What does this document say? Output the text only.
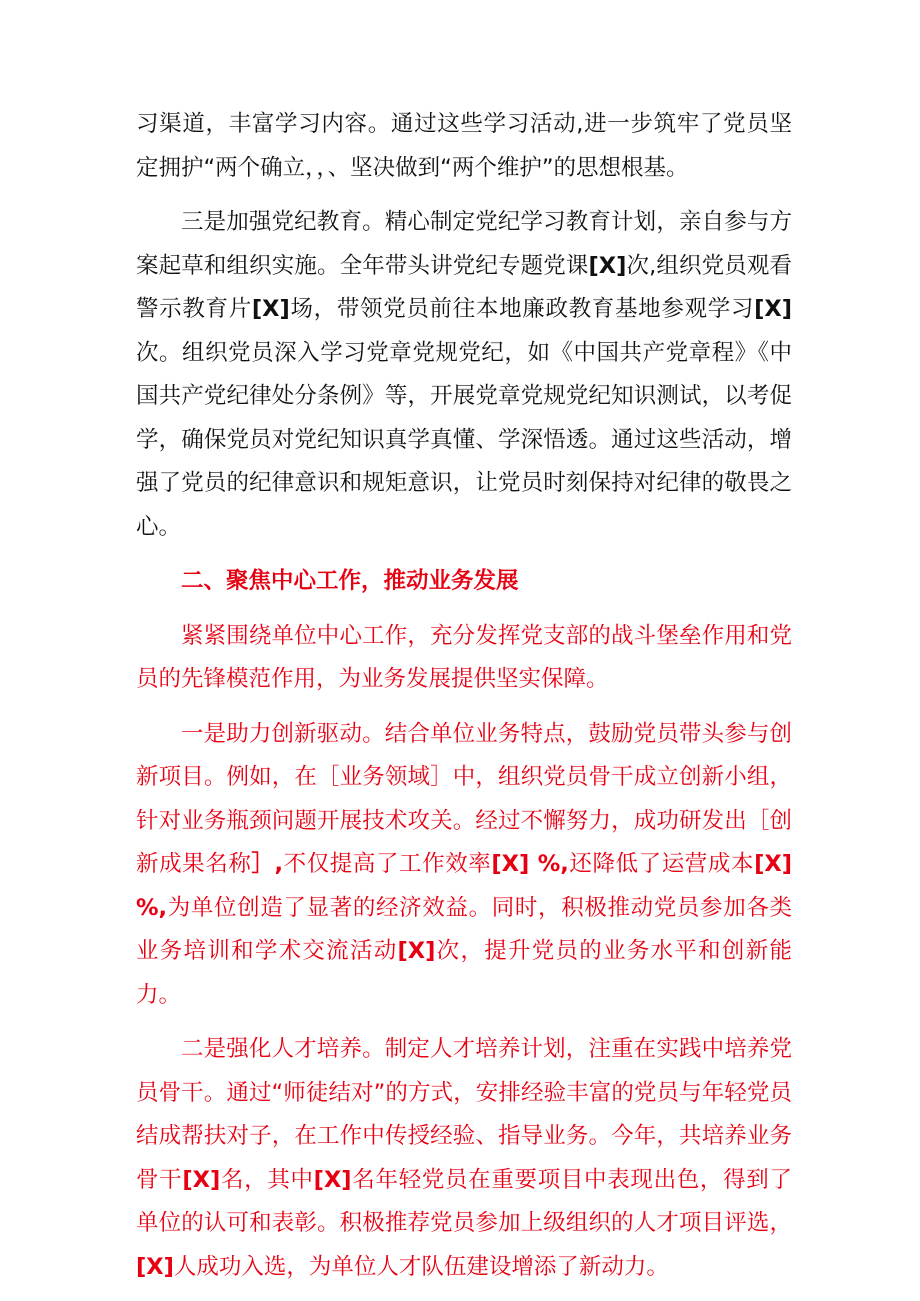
习渠道，丰富学习内容。通过这些学习活动,进一步筑牢了党员坚定拥护“两个确立，，、坚决做到“两个维护”的思想根基。

三是加强党纪教育。精心制定党纪学习教育计划，亲自参与方案起草和组织实施。全年带头讲党纪专题党课[X]次,组织党员观看警示教育片[X]场，带领党员前往本地廉政教育基地参观学习[X]次。组织党员深入学习党章党规党纪，如《中国共产党章程》《中国共产党纪律处分条例》等，开展党章党规党纪知识测试，以考促学，确保党员对党纪知识真学真懂、学深悟透。通过这些活动，增强了党员的纪律意识和规矩意识，让党员时刻保持对纪律的敬畏之心。

二、聚焦中心工作，推动业务发展

紧紧围绕单位中心工作，充分发挥党支部的战斗堡垒作用和党员的先锋模范作用，为业务发展提供坚实保障。

一是助力创新驱动。结合单位业务特点，鼓励党员带头参与创新项目。例如，在［业务领域］中，组织党员骨干成立创新小组，针对业务瓶颈问题开展技术攻关。经过不懈努力，成功研发出［创新成果名称］,不仅提高了工作效率[X] %,还降低了运营成本[X] %,为单位创造了显著的经济效益。同时，积极推动党员参加各类业务培训和学术交流活动[X]次，提升党员的业务水平和创新能力。

二是强化人才培养。制定人才培养计划，注重在实践中培养党员骨干。通过“师徒结对”的方式，安排经验丰富的党员与年轻党员结成帮扶对子，在工作中传授经验、指导业务。今年，共培养业务骨干[X]名，其中[X]名年轻党员在重要项目中表现出色，得到了单位的认可和表彰。积极推荐党员参加上级组织的人才项目评选，[X]人成功入选，为单位人才队伍建设增添了新动力。
